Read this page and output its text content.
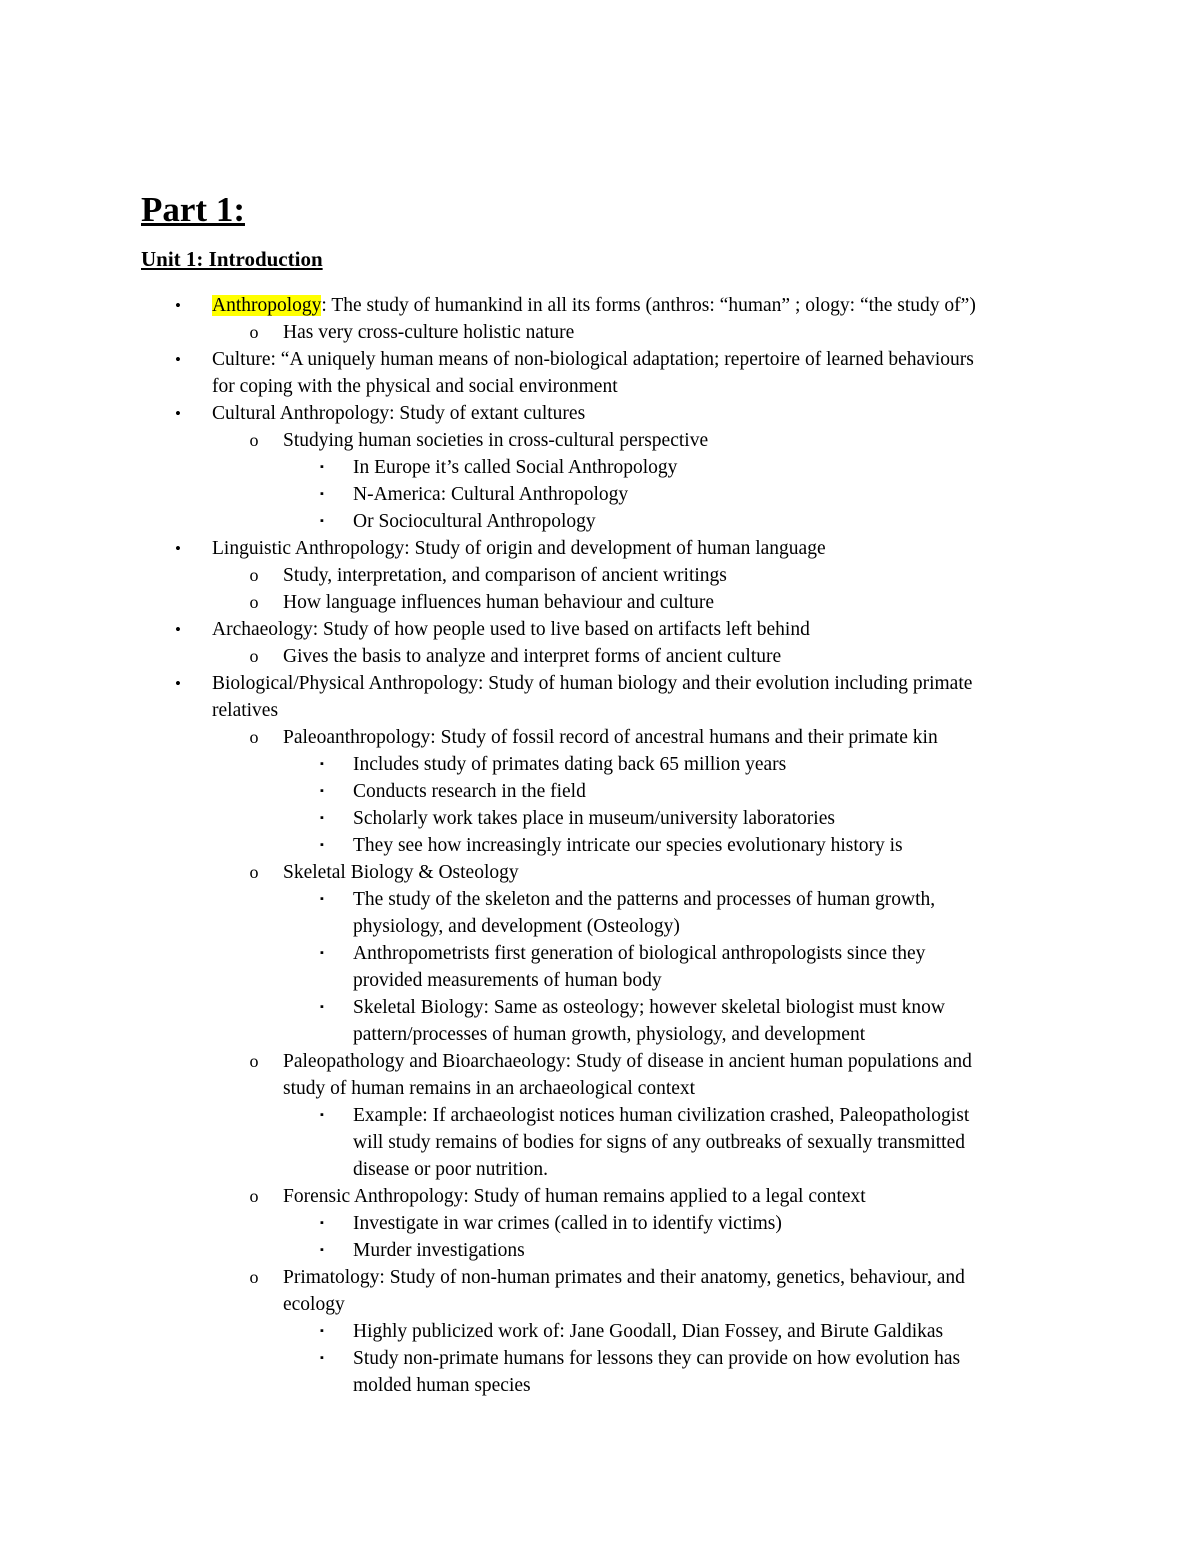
Part 1:
Unit 1: Introduction
•	Anthropology: The study of humankind in all its forms (anthros: “human” ; ology: “the study of”)
o Has very cross-culture holistic nature
•	Culture: “A uniquely human means of non-biological adaptation; repertoire of learned behaviours
for coping with the physical and social environment
•	Cultural Anthropology: Study of extant cultures
o Studying human societies in cross-cultural perspective
▪	In Europe it’s called Social Anthropology
▪	N-America: Cultural Anthropology
▪	Or Sociocultural Anthropology
•	Linguistic Anthropology: Study of origin and development of human language
o Study, interpretation, and comparison of ancient writings
o How language influences human behaviour and culture
•	Archaeology: Study of how people used to live based on artifacts left behind
o Gives the basis to analyze and interpret forms of ancient culture
•	Biological/Physical Anthropology: Study of human biology and their evolution including primate
relatives
o Paleoanthropology: Study of fossil record of ancestral humans and their primate kin
▪	Includes study of primates dating back 65 million years
▪	Conducts research in the field
▪	Scholarly work takes place in museum/university laboratories
▪	They see how increasingly intricate our species evolutionary history is
o Skeletal Biology & Osteology
▪	The study of the skeleton and the patterns and processes of human growth,
physiology, and development (Osteology)
▪	Anthropometrists first generation of biological anthropologists since they
provided measurements of human body
▪	Skeletal Biology: Same as osteology; however skeletal biologist must know
pattern/processes of human growth, physiology, and development
o Paleopathology and Bioarchaeology: Study of disease in ancient human populations and
study of human remains in an archaeological context
▪	Example: If archaeologist notices human civilization crashed, Paleopathologist
will study remains of bodies for signs of any outbreaks of sexually transmitted
disease or poor nutrition.
o Forensic Anthropology: Study of human remains applied to a legal context
▪	Investigate in war crimes (called in to identify victims)
▪	Murder investigations
o Primatology: Study of non-human primates and their anatomy, genetics, behaviour, and
ecology
▪	Highly publicized work of: Jane Goodall, Dian Fossey, and Birute Galdikas
▪	Study non-primate humans for lessons they can provide on how evolution has
molded human species
